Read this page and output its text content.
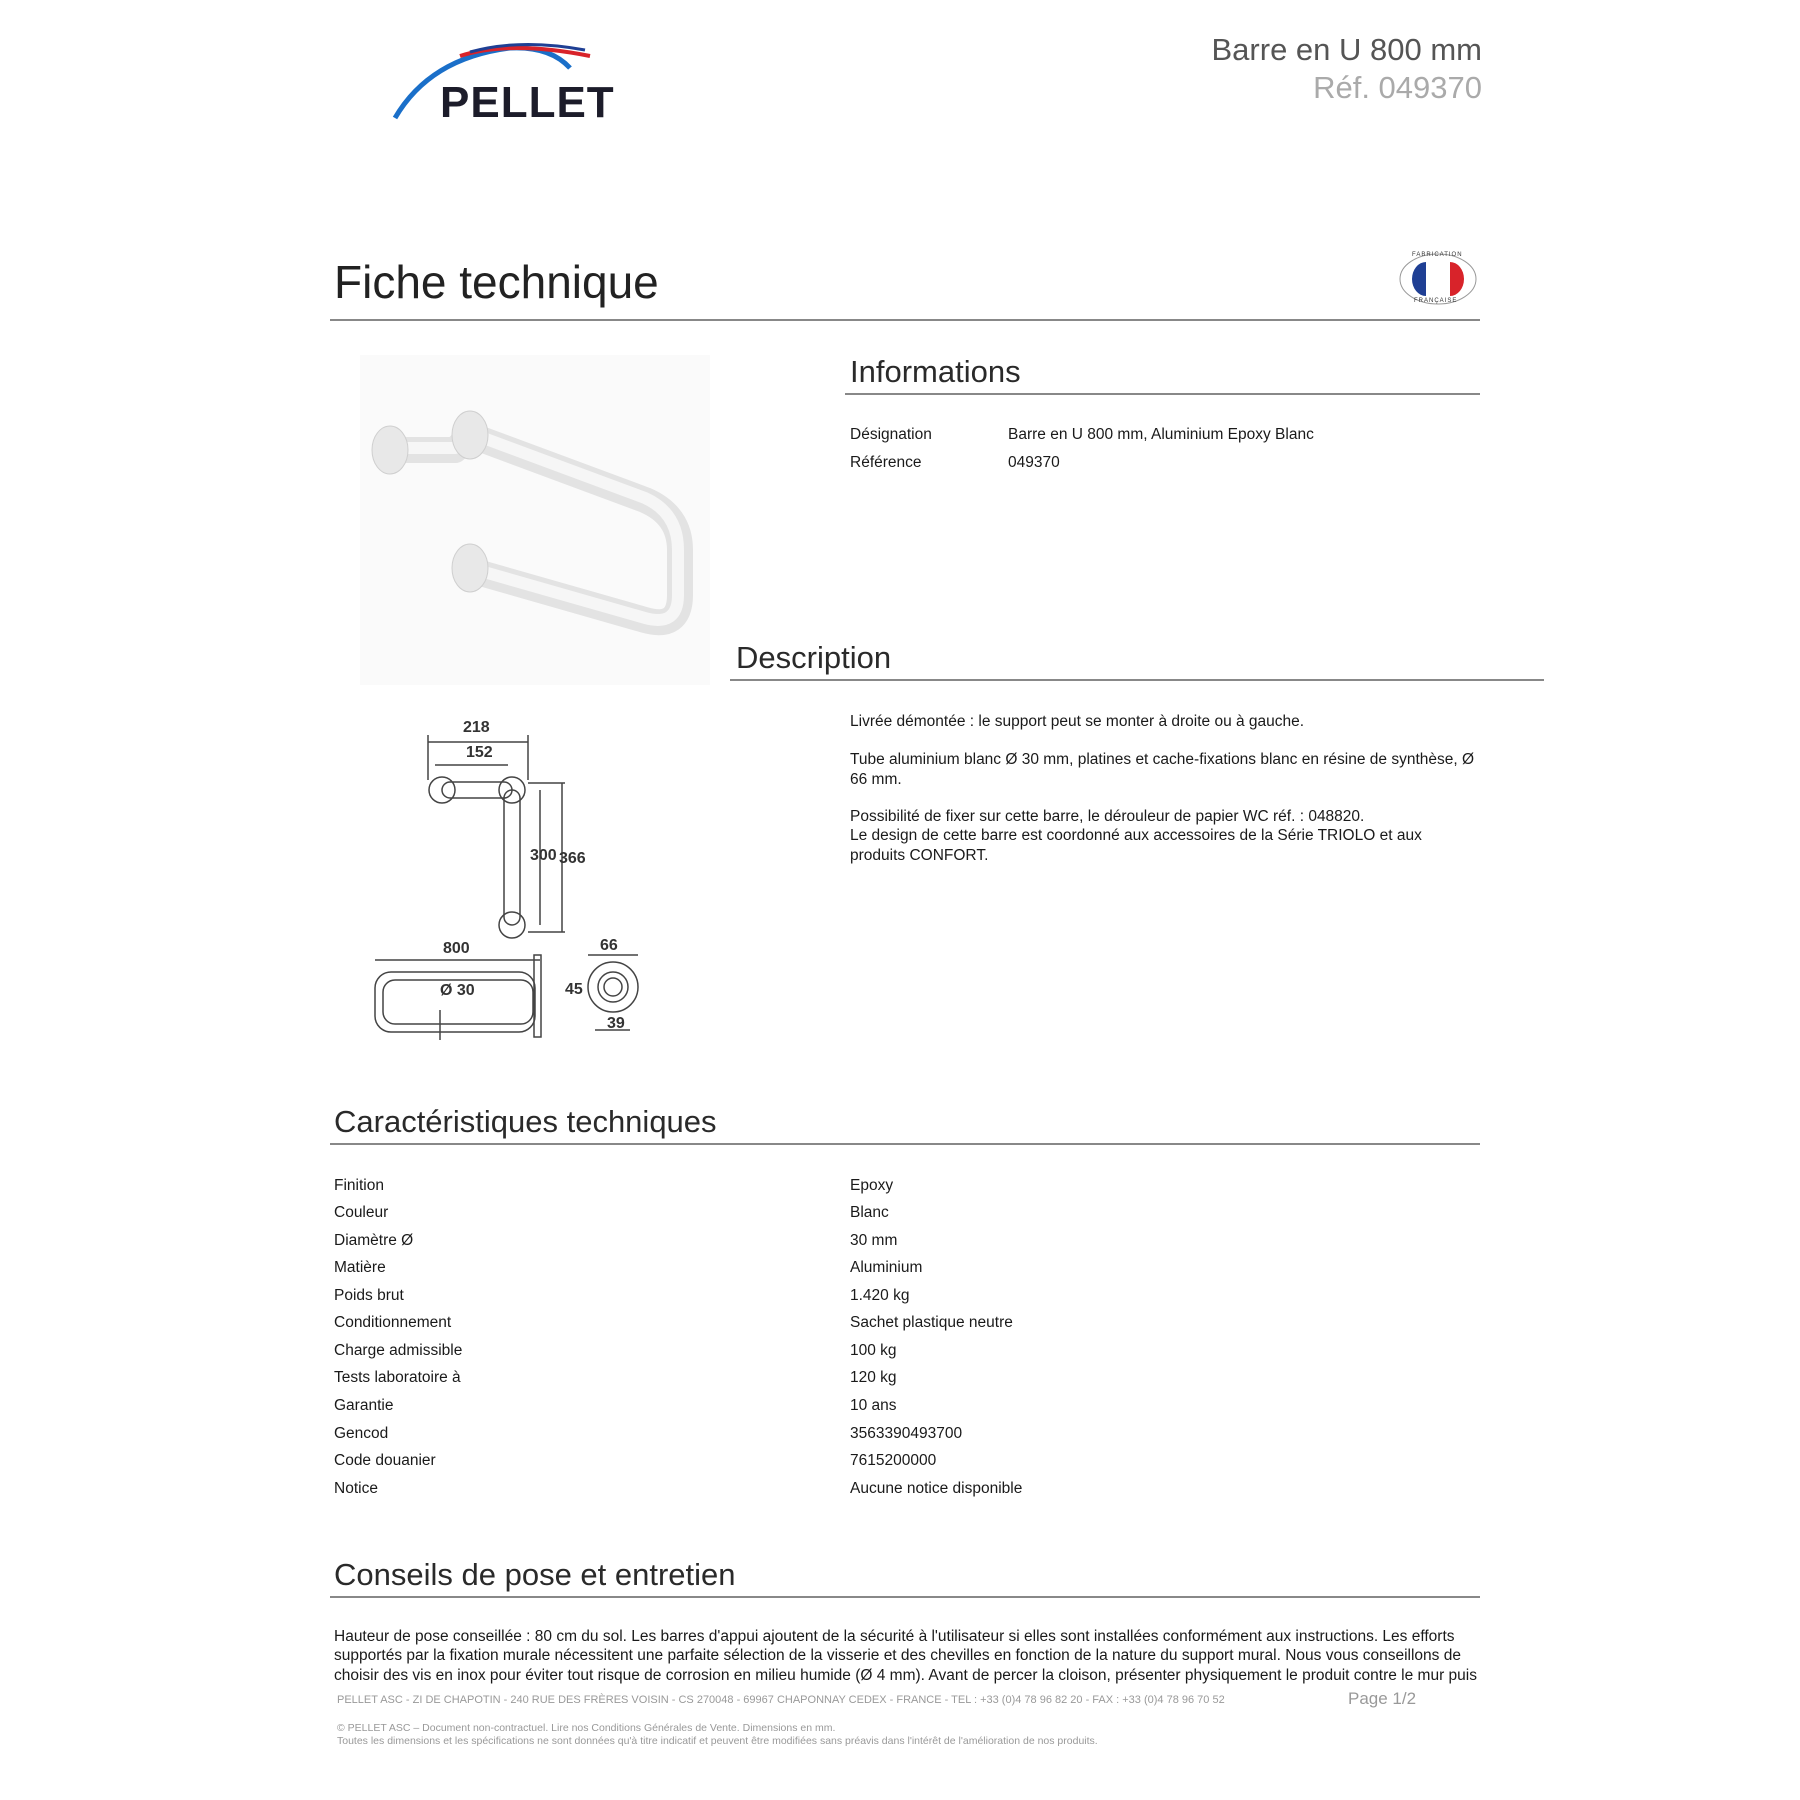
PELLET
Barre en U 800 mm
Réf. 049370
Fiche technique
FABRICATION
FRANÇAISE
218
152
300 366
800
Ø 30
66
45
39
Informations
Désignation	Barre en U 800 mm, Aluminium Epoxy Blanc
Référence	049370
Description
Livrée démontée : le support peut se monter à droite ou à gauche.
Tube aluminium blanc Ø 30 mm, platines et cache-fixations blanc en résine de synthèse, Ø 66 mm.
Possibilité de fixer sur cette barre, le dérouleur de papier WC réf. : 048820.
Le design de cette barre est coordonné aux accessoires de la Série TRIOLO et aux produits CONFORT.
Caractéristiques techniques
Finition	Epoxy
Couleur	Blanc
Diamètre Ø	30 mm
Matière	Aluminium
Poids brut	1.420 kg
Conditionnement	Sachet plastique neutre
Charge admissible	100 kg
Tests laboratoire à	120 kg
Garantie	10 ans
Gencod	3563390493700
Code douanier	7615200000
Notice	Aucune notice disponible
Conseils de pose et entretien
Hauteur de pose conseillée : 80 cm du sol. Les barres d'appui ajoutent de la sécurité à l'utilisateur si elles sont installées conformément aux instructions. Les efforts supportés par la fixation murale nécessitent une parfaite sélection de la visserie et des chevilles en fonction de la nature du support mural. Nous vous conseillons de choisir des vis en inox pour éviter tout risque de corrosion en milieu humide (Ø 4 mm). Avant de percer la cloison, présenter physiquement le produit contre le mur puis
PELLET ASC - ZI DE CHAPOTIN - 240 RUE DES FRÈRES VOISIN - CS 270048 - 69967 CHAPONNAY CEDEX - FRANCE - TEL : +33 (0)4 78 96 82 20 - FAX : +33 (0)4 78 96 70 52	Page 1/2
© PELLET ASC – Document non-contractuel. Lire nos Conditions Générales de Vente. Dimensions en mm.
Toutes les dimensions et les spécifications ne sont données qu'à titre indicatif et peuvent être modifiées sans préavis dans l'intérêt de l'amélioration de nos produits.
